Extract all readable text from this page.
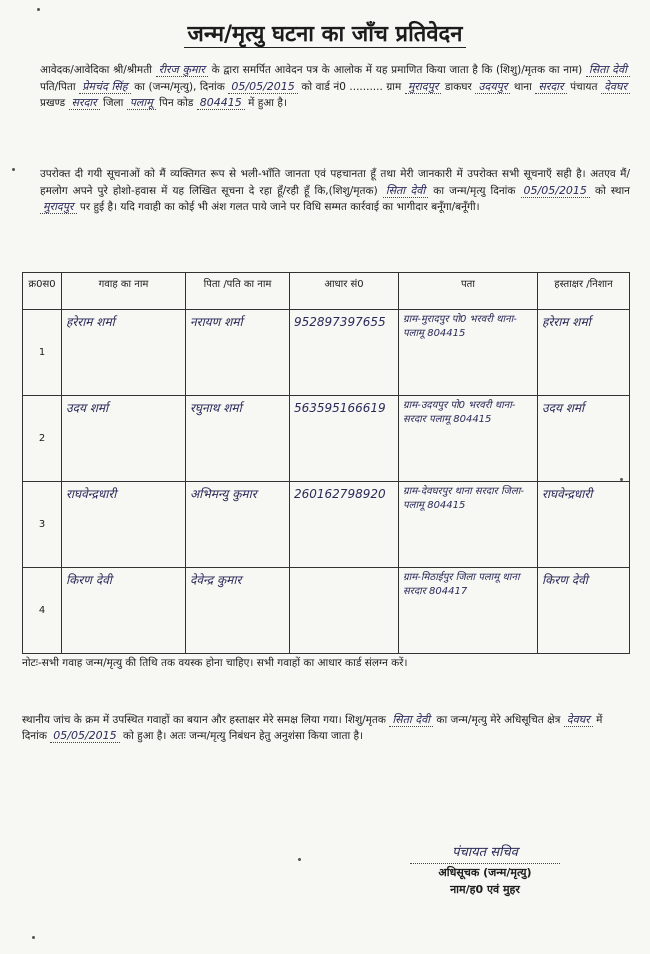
जन्म/मृत्यु घटना का जाँच प्रतिवेदन
आवेदक/आवेदिका श्री/श्रीमती रीरज कुमार के द्वारा समर्पित आवेदन पत्र के आलोक में यह प्रमाणित किया जाता है कि (शिशु)/मृतक का नाम) सिता देवी पति/पिता प्रेमचंद सिंह का (जन्म/मृत्यु), दिनांक 05/05/2015 को वार्ड नं0 .......... ग्राम मुरादपुर डाकघर उदयपुर थाना सरदार पंचायत देवघर प्रखण्ड सरदार जिला पलामू पिन कोड 804415 में हुआ है।
उपरोक्त दी गयी सूचनाओं को मैं व्यक्तिगत रूप से भली-भाँति जानता एवं पहचानता हूँ तथा मेरी जानकारी में उपरोक्त सभी सूचनाएँ सही है। अतएव मैं/हमलोग अपने पुरे होशो-हवास में यह लिखित सूचना दे रहा हूँ/रही हूँ कि,(शिशु/मृतक) सिता देवी का जन्म/मृत्यु दिनांक 05/05/2015 को स्थान मुरादपुर पर हुई है। यदि गवाही का कोई भी अंश गलत पाये जाने पर विधि सम्मत कार्रवाई का भागीदार बनूँगा/बनूँगी।
क्र0स0	गवाह का नाम	पिता /पति का नाम	आधार सं0	पता	हस्ताक्षर /निशान
1	हरेराम शर्मा	नरायण शर्मा	952897397655	ग्राम-मुरादपुर पो0 भरवरी थाना-पलामू 804415	हरेराम शर्मा
2	उदय शर्मा	रघुनाथ शर्मा	563595166619	ग्राम-उदयपुर पो0 भरवरी थाना-सरदार पलामू 804415	उदय शर्मा
3	राघवेन्द्रधारी	अभिमन्यु कुमार	260162798920	ग्राम-देवघरपुर थाना सरदार जिला-पलामू 804415	राघवेन्द्रधारी
4	किरण देवी	देवेन्द्र कुमार		ग्राम-मिठाईपुर जिला पलामू थाना सरदार 804417	किरण देवी
नोटः-सभी गवाह जन्म/मृत्यु की तिथि तक वयस्क होना चाहिए। सभी गवाहों का आधार कार्ड संलग्न करें।
स्थानीय जांच के क्रम में उपस्थित गवाहों का बयान और हस्ताक्षर मेरे समक्ष लिया गया। शिशु/मृतक सिता देवी का जन्म/मृत्यु मेरे अधिसूचित क्षेत्र देवघर में दिनांक 05/05/2015 को हुआ है। अतः जन्म/मृत्यु निबंधन हेतु अनुशंसा किया जाता है।
पंचायत सचिव
अधिसूचक (जन्म/मृत्यु)
नाम/ह0 एवं मुहर
